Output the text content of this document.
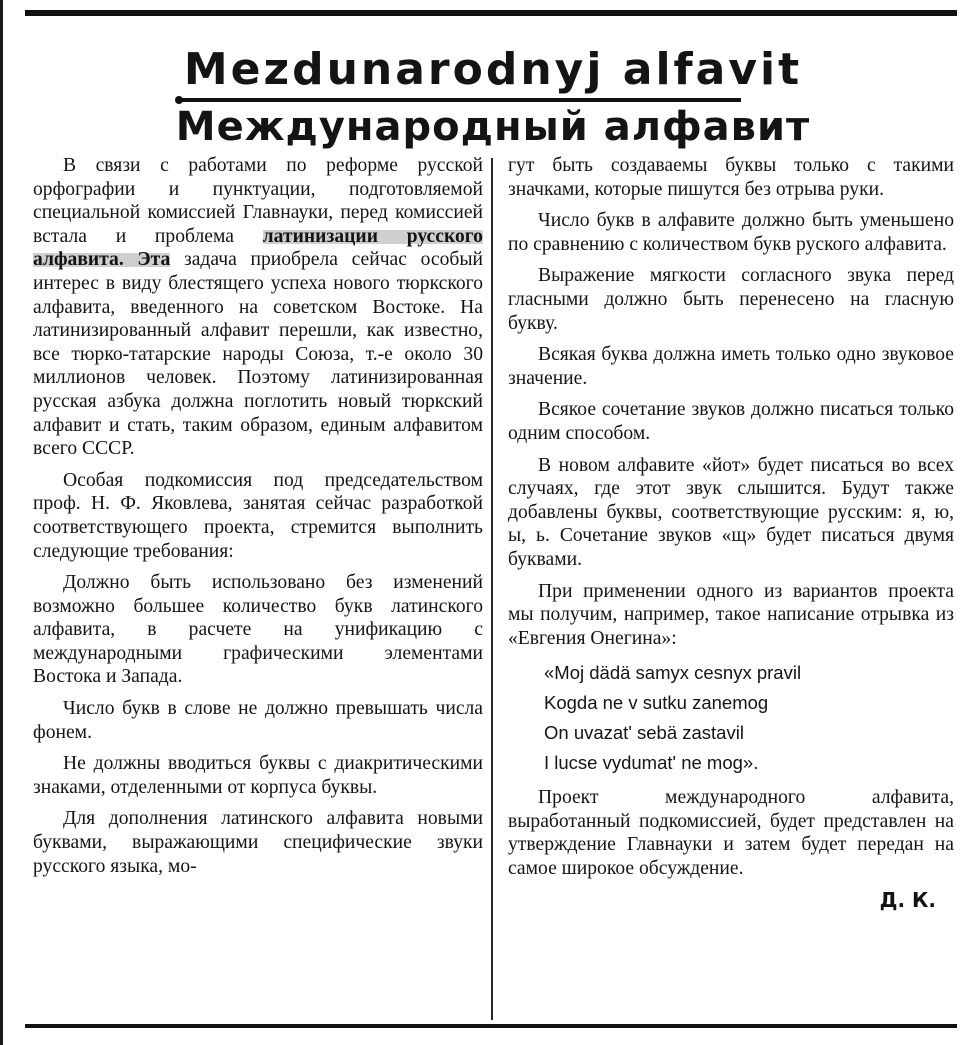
Mezdunarodnyj alfavit
Международный алфавит

В связи с работами по реформе русской орфографии и пунктуации, подготовляемой специальной комиссией Главнауки, перед комиссией встала и проблема латинизации русского алфавита. Эта задача приобрела сейчас особый интерес в виду блестящего успеха нового тюркского алфавита, введенного на советском Востоке. На латинизированный алфавит перешли, как известно, все тюрко-татарские народы Союза, т.-е около 30 миллионов человек. Поэтому латинизированная русская азбука должна поглотить новый тюркский алфавит и стать, таким образом, единым алфавитом всего СССР.

Особая подкомиссия под председательством проф. Н. Ф. Яковлева, занятая сейчас разработкой соответствующего проекта, стремится выполнить следующие требования:

Должно быть использовано без изменений возможно большее количество букв латинского алфавита, в расчете на унификацию с международными графическими элементами Востока и Запада.

Число букв в слове не должно превышать числа фонем.

Не должны вводиться буквы с диакритическими знаками, отделенными от корпуса буквы.

Для дополнения латинского алфавита новыми буквами, выражающими специфические звуки русского языка, мо-

гут быть создаваемы буквы только с такими значками, которые пишутся без отрыва руки.

Число букв в алфавите должно быть уменьшено по сравнению с количеством букв руского алфавита.

Выражение мягкости согласного звука перед гласными должно быть перенесено на гласную букву.

Всякая буква должна иметь только одно звуковое значение.

Всякое сочетание звуков должно писаться только одним способом.

В новом алфавите «йот» будет писаться во всех случаях, где этот звук слышится. Будут также добавлены буквы, соответствующие русским: я, ю, ы, ь. Сочетание звуков «щ» будет писаться двумя буквами.

При применении одного из вариантов проекта мы получим, например, такое написание отрывка из «Евгения Онегина»:

«Moj dädä samyx cesnyx pravil
Kogda ne v sutku zanemog
On uvazat' sebä zastavil
I lucse vydumat' ne mog».

Проект международного алфавита, выработанный подкомиссией, будет представлен на утверждение Главнауки и затем будет передан на самое широкое обсуждение.

Д. К.
